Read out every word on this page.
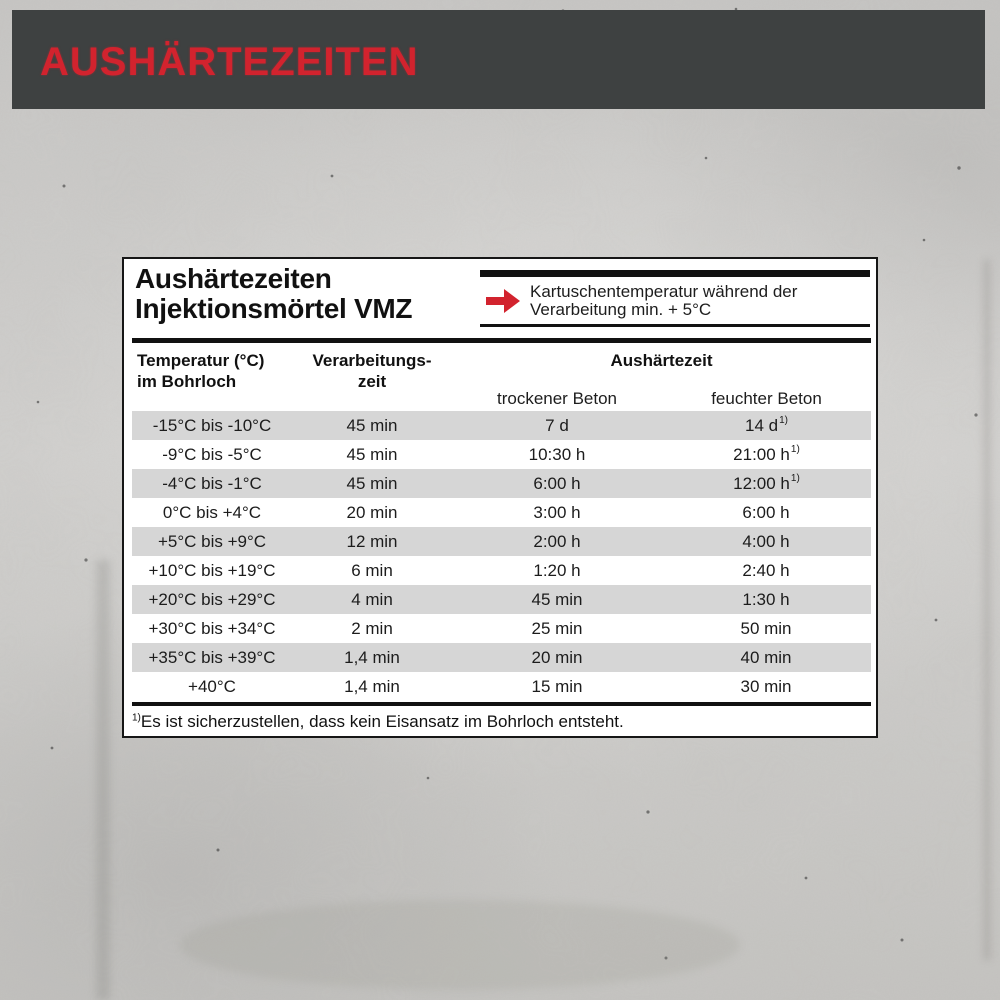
AUSHÄRTEZEITEN
Aushärtezeiten
Injektionsmörtel VMZ

Kartuschentemperatur während der
Verarbeitung min. + 5°C

Temperatur (°C)
im Bohrloch
Verarbeitungs-
zeit
Aushärtezeit
trockener Beton	feuchter Beton
-15°C bis -10°C	45 min	7 d	14 $d^{1)}$
-9°C bis -5°C	45 min	10:30 h	21:00 $h^{1)}$
-4°C bis -1°C	45 min	6:00 h	12:00 $h^{1)}$
0°C bis +4°C	20 min	3:00 h	6:00 h
+5°C bis +9°C	12 min	2:00 h	4:00 h
+10°C bis +19°C	6 min	1:20 h	2:40 h
+20°C bis +29°C	4 min	45 min	1:30 h
+30°C bis +34°C	2 min	25 min	50 min
+35°C bis +39°C	1,4 min	20 min	40 min
+40°C	1,4 min	15 min	30 min

$^{1)}$Es ist sicherzustellen, dass kein Eisansatz im Bohrloch entsteht.
